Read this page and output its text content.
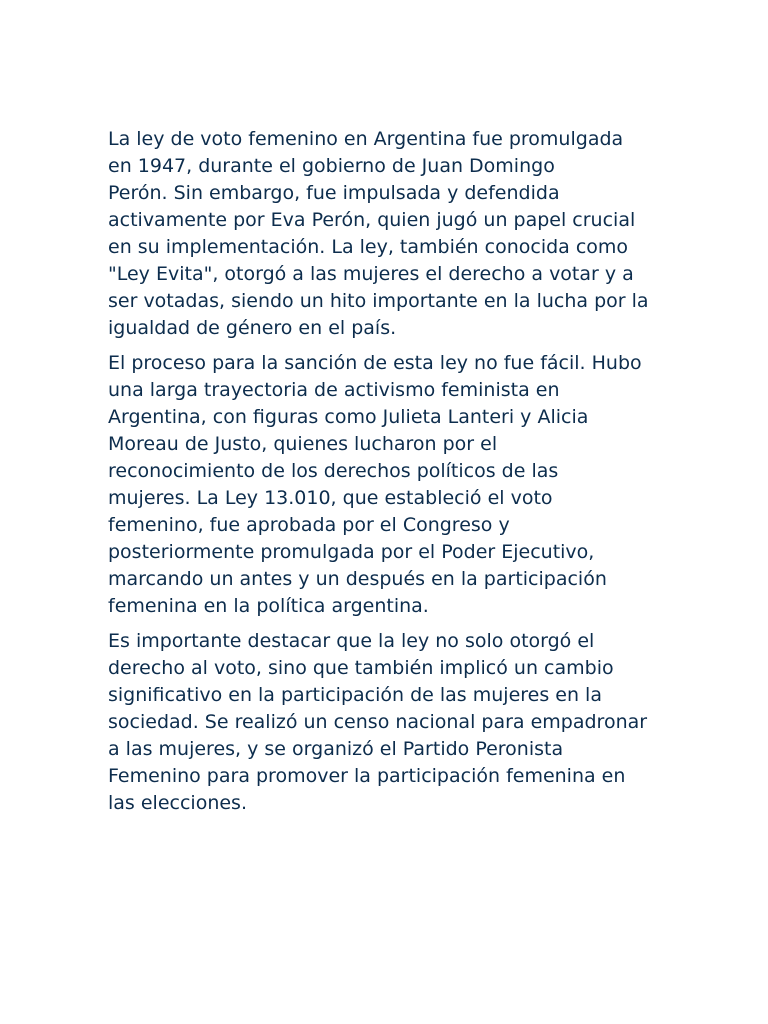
La ley de voto femenino en Argentina fue promulgada
en 1947, durante el gobierno de Juan Domingo
Perón. Sin embargo, fue impulsada y defendida
activamente por Eva Perón, quien jugó un papel crucial
en su implementación. La ley, también conocida como
"Ley Evita", otorgó a las mujeres el derecho a votar y a
ser votadas, siendo un hito importante en la lucha por la
igualdad de género en el país.

El proceso para la sanción de esta ley no fue fácil. Hubo
una larga trayectoria de activismo feminista en
Argentina, con figuras como Julieta Lanteri y Alicia
Moreau de Justo, quienes lucharon por el
reconocimiento de los derechos políticos de las
mujeres. La Ley 13.010, que estableció el voto
femenino, fue aprobada por el Congreso y
posteriormente promulgada por el Poder Ejecutivo,
marcando un antes y un después en la participación
femenina en la política argentina.

Es importante destacar que la ley no solo otorgó el
derecho al voto, sino que también implicó un cambio
significativo en la participación de las mujeres en la
sociedad. Se realizó un censo nacional para empadronar
a las mujeres, y se organizó el Partido Peronista
Femenino para promover la participación femenina en
las elecciones.
